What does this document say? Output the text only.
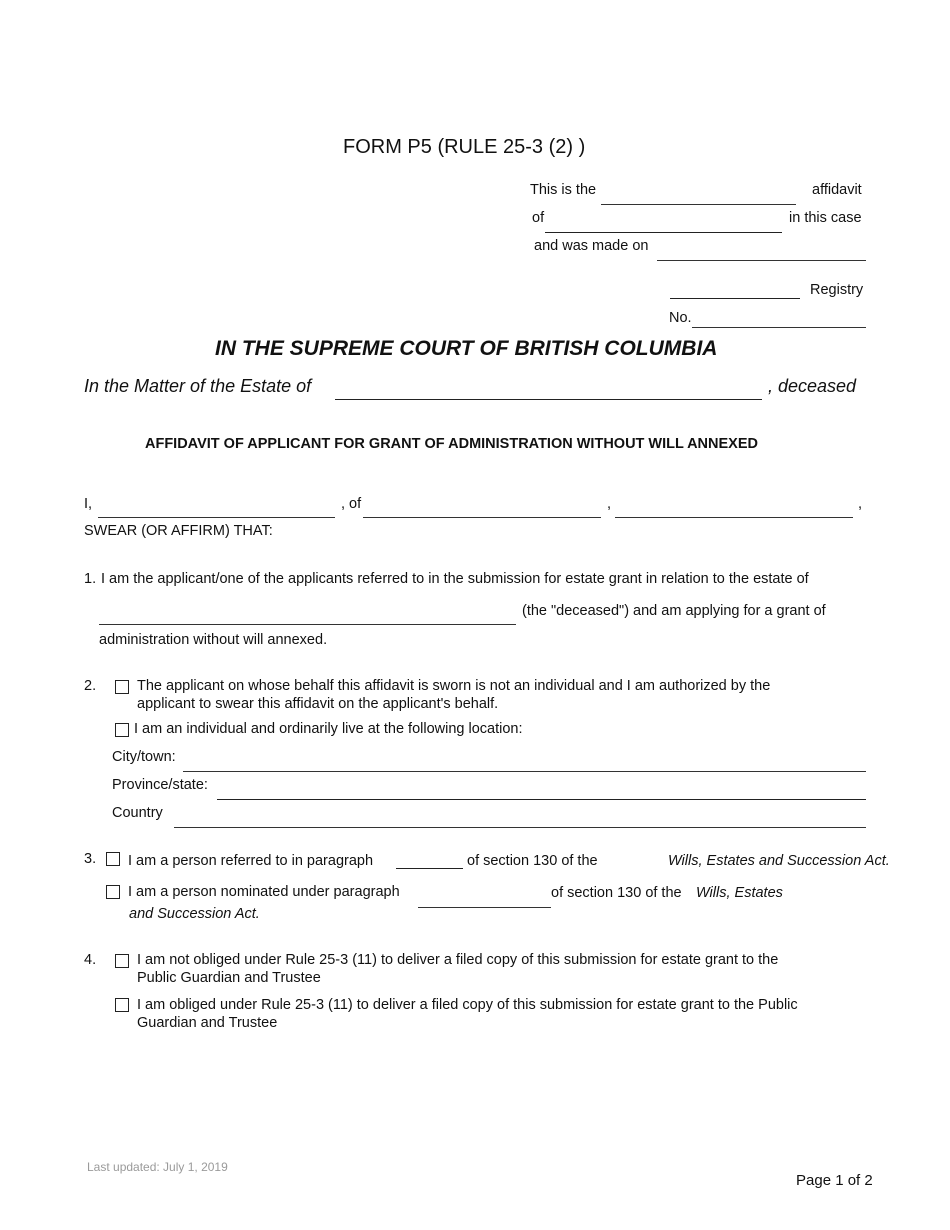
FORM P5 (RULE 25-3 (2) )
This is the	affidavit
of	in this case
and was made on
Registry
No.
IN THE SUPREME COURT OF BRITISH COLUMBIA
In the Matter of the Estate of	, deceased
AFFIDAVIT OF APPLICANT FOR GRANT OF ADMINISTRATION WITHOUT WILL ANNEXED
I,	, of	,	,
SWEAR (OR AFFIRM) THAT:
1. I am the applicant/one of the applicants referred to in the submission for estate grant in relation to the estate of
(the "deceased") and am applying for a grant of
administration without will annexed.
2.	The applicant on whose behalf this affidavit is sworn is not an individual and I am authorized by the
applicant to swear this affidavit on the applicant's behalf.
I am an individual and ordinarily live at the following location:
City/town:
Province/state:
Country
3. I am a person referred to in paragraph	of section 130 of the	Wills, Estates and Succession Act.
I am a person nominated under paragraph	of section 130 of the Wills, Estates
and Succession Act.
4.	I am not obliged under Rule 25-3 (11) to deliver a filed copy of this submission for estate grant to the
Public Guardian and Trustee
I am obliged under Rule 25-3 (11) to deliver a filed copy of this submission for estate grant to the Public
Guardian and Trustee
Last updated: July 1, 2019
Page 1 of 2
